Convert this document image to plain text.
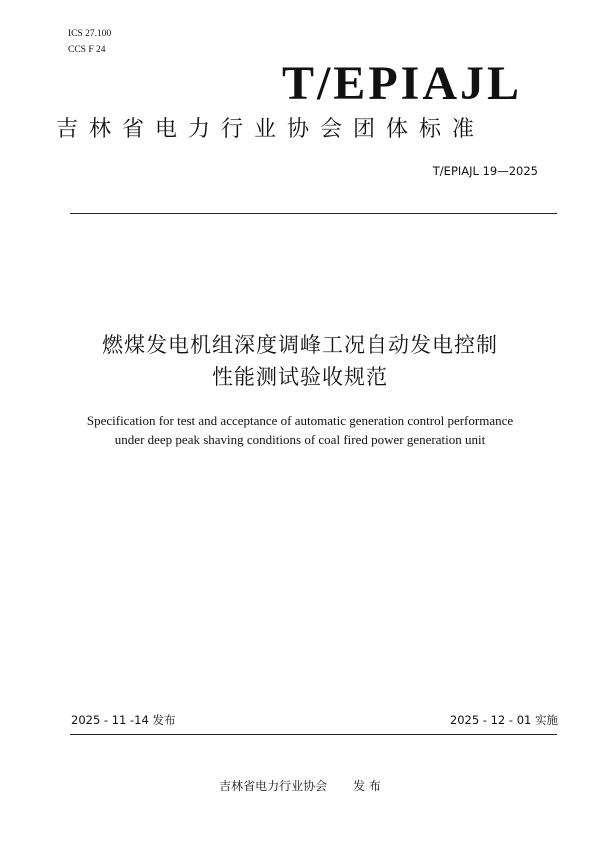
ICS 27.100
CCS F 24
T/EPIAJL
吉林省电力行业协会团体标准
T/EPIAJL 19—2025
燃煤发电机组深度调峰工况自动发电控制
性能测试验收规范
Specification for test and acceptance of automatic generation control performance
under deep peak shaving conditions of coal fired power generation unit
2025 - 11 -14 发布	2025 - 12 - 01 实施
吉林省电力行业协会 发 布
